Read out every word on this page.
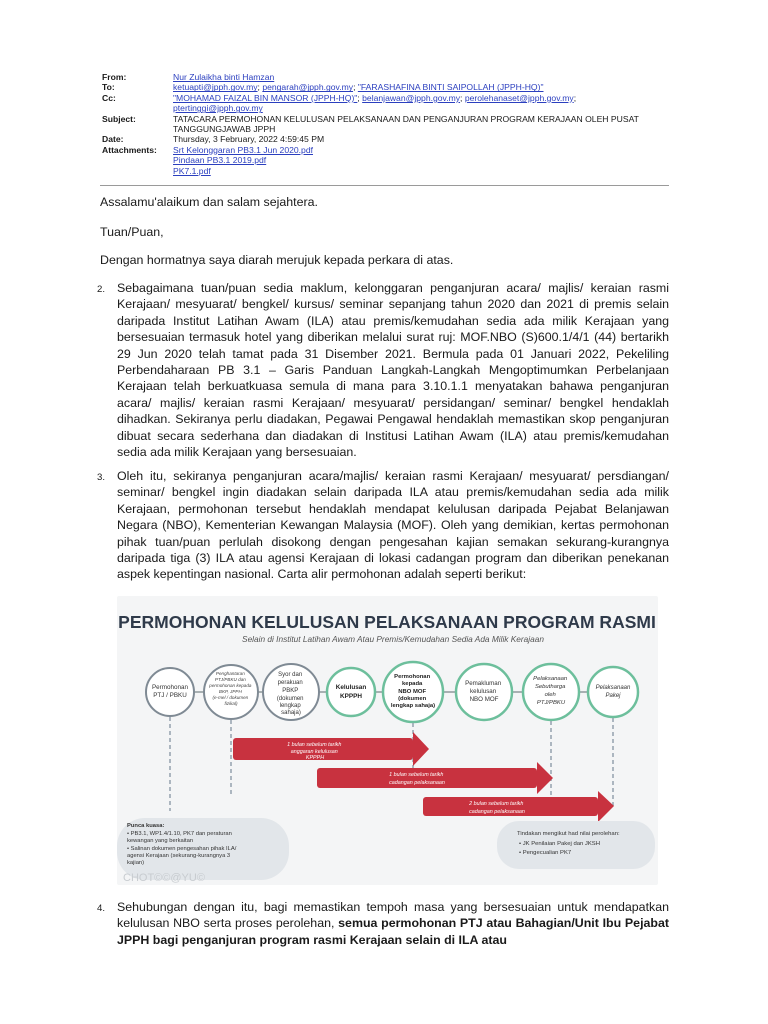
From:	Nur Zulaikha binti Hamzan
To:	ketuapti@jpph.gov.my; pengarah@jpph.gov.my; "FARASHAFINA BINTI SAIPOLLAH (JPPH-HQ)"
Cc:	"MOHAMAD FAIZAL BIN MANSOR (JPPH-HQ)"; belanjawan@jpph.gov.my; perolehanaset@jpph.gov.my;
ptertinggi@jpph.gov.my
Subject:	TATACARA PERMOHONAN KELULUSAN PELAKSANAAN DAN PENGANJURAN PROGRAM KERAJAAN OLEH PUSAT TANGGUNGJAWAB JPPH
Date:	Thursday, 3 February, 2022 4:59:45 PM
Attachments:	Srt Kelonggaran PB3.1 Jun 2020.pdf
Pindaan PB3.1 2019.pdf
PK7.1.pdf
Assalamu'alaikum dan salam sejahtera.
Tuan/Puan,
Dengan hormatnya saya diarah merujuk kepada perkara di atas.
2. Sebagaimana tuan/puan sedia maklum, kelonggaran penganjuran acara/ majlis/ keraian rasmi Kerajaan/ mesyuarat/ bengkel/ kursus/ seminar sepanjang tahun 2020 dan 2021 di premis selain daripada Institut Latihan Awam (ILA) atau premis/kemudahan sedia ada milik Kerajaan yang bersesuaian termasuk hotel yang diberikan melalui surat ruj: MOF.NBO (S)600.1/4/1 (44) bertarikh 29 Jun 2020 telah tamat pada 31 Disember 2021. Bermula pada 01 Januari 2022, Pekeliling Perbendaharaan PB 3.1 – Garis Panduan Langkah-Langkah Mengoptimumkan Perbelanjaan Kerajaan telah berkuatkuasa semula di mana para 3.10.1.1 menyatakan bahawa penganjuran acara/ majlis/ keraian rasmi Kerajaan/ mesyuarat/ persidangan/ seminar/ bengkel hendaklah dihadkan. Sekiranya perlu diadakan, Pegawai Pengawal hendaklah memastikan skop penganjuran dibuat secara sederhana dan diadakan di Institusi Latihan Awam (ILA) atau premis/kemudahan sedia ada milik Kerajaan yang bersesuaian.
3. Oleh itu, sekiranya penganjuran acara/majlis/ keraian rasmi Kerajaan/ mesyuarat/ persdiangan/ seminar/ bengkel ingin diadakan selain daripada ILA atau premis/kemudahan sedia ada milik Kerajaan, permohonan tersebut hendaklah mendapat kelulusan daripada Pejabat Belanjawan Negara (NBO), Kementerian Kewangan Malaysia (MOF). Oleh yang demikian, kertas permohonan pihak tuan/puan perlulah disokong dengan pengesahan kajian semakan sekurang-kurangnya daripada tiga (3) ILA atau agensi Kerajaan di lokasi cadangan program dan diberikan penekanan aspek kepentingan nasional. Carta alir permohonan adalah seperti berikut:
PERMOHONAN KELULUSAN PELAKSANAAN PROGRAM RASMI
Selain di Institut Latihan Awam Atau Premis/Kemudahan Sedia Ada Milik Kerajaan
Permohonan PTJ / PBKU
Penghantaran PTJ/PBKU dan permohonan kepada BKP, JPPH (e-mel / dokumen fizikal)
Syor dan perakuan PBKP (dokumen lengkap sahaja)
Kelulusan KPPPH
Permohonan kepada NBO MOF (dokumen lengkap sahaja)
Pemakluman kelulusan NBO MOF
Pelaksanaan Sebutharga oleh PTJ/PBKU
Pelaksanaan Pakej
1 bulan sebelum tarikh anggaran kelulusan KPPPH
1 bulan sebelum tarikh cadangan pelaksanaan
2 bulan sebelum tarikh cadangan pelaksanaan
Punca kuasa: • PB3.1, WP1.4/1.10, PK7 dan peraturan kewangan yang berkaitan • Salinan dokumen pengesahan pihak ILA/ agensi Kerajaan (sekurang-kurangnya 3 kajian)
CHOT©©@YU©
Tindakan mengikut had nilai perolehan: • JK Penilaian Pakej dan JKSH • Pengecualian PK7
4. Sehubungan dengan itu, bagi memastikan tempoh masa yang bersesuaian untuk mendapatkan kelulusan NBO serta proses perolehan, semua permohonan PTJ atau Bahagian/Unit Ibu Pejabat JPPH bagi penganjuran program rasmi Kerajaan selain di ILA atau
